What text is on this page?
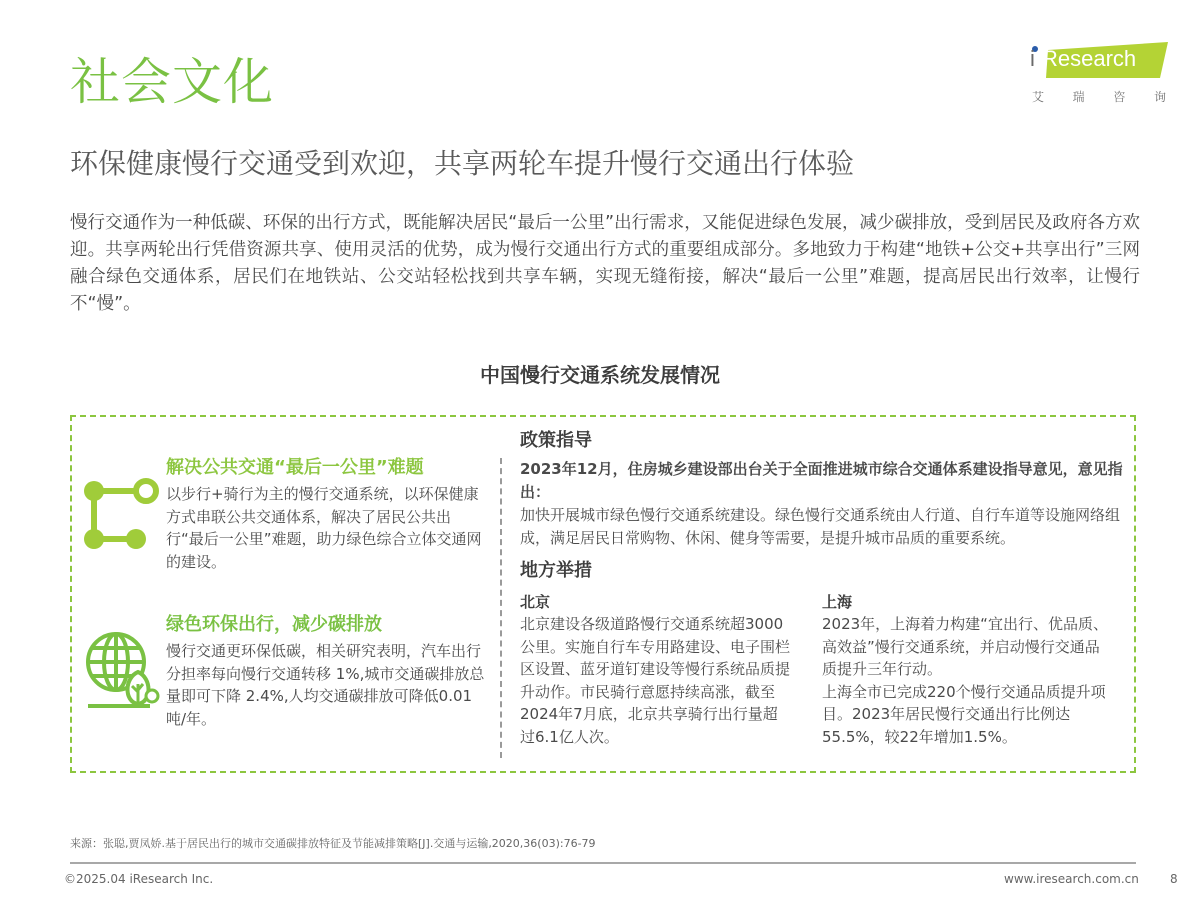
社会文化	i Research
艾 瑞 咨 询
环保健康慢行交通受到欢迎，共享两轮车提升慢行交通出行体验

慢行交通作为一种低碳、环保的出行方式，既能解决居民“最后一公里”出行需求，又能促进绿色发展，减少碳排放，受到居民及政府各方欢迎。共享两轮出行凭借资源共享、使用灵活的优势，成为慢行交通出行方式的重要组成部分。多地致力于构建“地铁+公交+共享出行”三网融合绿色交通体系，居民们在地铁站、公交站轻松找到共享车辆，实现无缝衔接，解决“最后一公里”难题，提高居民出行效率，让慢行不“慢”。

中国慢行交通系统发展情况
解决公共交通“最后一公里”难题
以步行+骑行为主的慢行交通系统，以环保健康方式串联公共交通体系，解决了居民公共出行“最后一公里”难题，助力绿色综合立体交通网的建设。
绿色环保出行，减少碳排放
慢行交通更环保低碳，相关研究表明，汽车出行分担率每向慢行交通转移 1%,城市交通碳排放总量即可下降 2.4%,人均交通碳排放可降低0.01 吨/年。
政策指导
2023年12月，住房城乡建设部出台关于全面推进城市综合交通体系建设指导意见，意见指出：
加快开展城市绿色慢行交通系统建设。绿色慢行交通系统由人行道、自行车道等设施网络组成，满足居民日常购物、休闲、健身等需要，是提升城市品质的重要系统。
地方举措
北京
北京建设各级道路慢行交通系统超3000公里。实施自行车专用路建设、电子围栏区设置、蓝牙道钉建设等慢行系统品质提升动作。市民骑行意愿持续高涨，截至2024年7月底，北京共享骑行出行量超过6.1亿人次。
上海
2023年，上海着力构建“宜出行、优品质、高效益”慢行交通系统，并启动慢行交通品质提升三年行动。
上海全市已完成220个慢行交通品质提升项目。2023年居民慢行交通出行比例达55.5%，较22年增加1.5%。
来源：张聪,贾凤娇.基于居民出行的城市交通碳排放特征及节能减排策略[J].交通与运输,2020,36(03):76-79
©2025.04 iResearch Inc.	www.iresearch.com.cn	8
